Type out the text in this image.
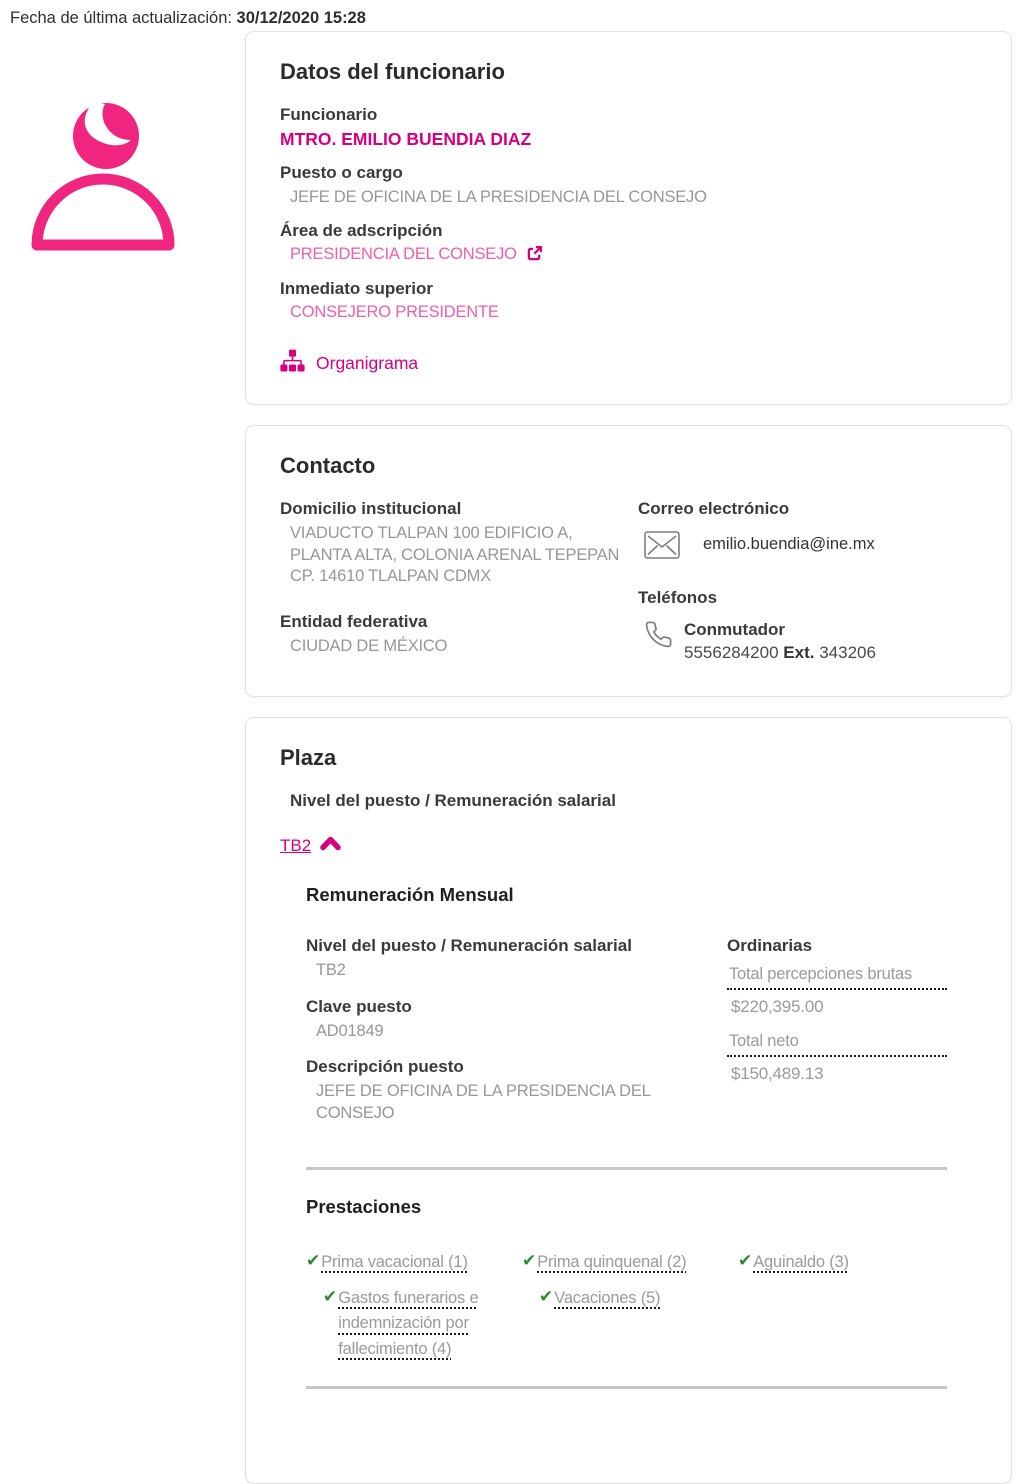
Fecha de última actualización: 30/12/2020 15:28
Datos del funcionario
Funcionario
MTRO. EMILIO BUENDIA DIAZ
Puesto o cargo
JEFE DE OFICINA DE LA PRESIDENCIA DEL CONSEJO
Área de adscripción
PRESIDENCIA DEL CONSEJO
Inmediato superior
CONSEJERO PRESIDENTE
Organigrama
Contacto
Domicilio institucional
VIADUCTO TLALPAN 100 EDIFICIO A,
PLANTA ALTA, COLONIA ARENAL TEPEPAN
CP. 14610 TLALPAN CDMX
Entidad federativa
CIUDAD DE MÉXICO
Correo electrónico
emilio.buendia@ine.mx
Teléfonos
Conmutador
5556284200 Ext. 343206
Plaza
Nivel del puesto / Remuneración salarial
TB2
Remuneración Mensual
Nivel del puesto / Remuneración salarial
TB2
Clave puesto
AD01849
Descripción puesto
JEFE DE OFICINA DE LA PRESIDENCIA DEL CONSEJO
Ordinarias
Total percepciones brutas
$220,395.00
Total neto
$150,489.13
Prestaciones
✔ Prima vacacional (1)	✔ Prima quinquenal (2)	✔ Aguinaldo (3)
✔ Gastos funerarios e indemnización por fallecimiento (4)
✔ Vacaciones (5)
